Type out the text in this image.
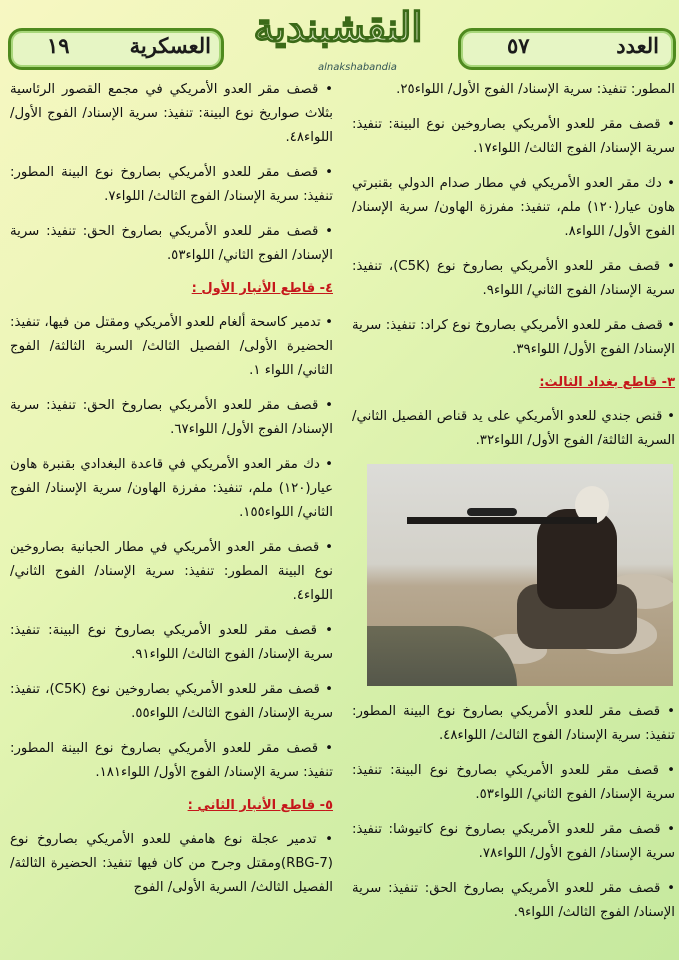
العسكرية
١٩	النقشبندية
alnakshabandia
العدد
٥٧

المطور: تنفيذ: سرية الإسناد/ الفوج الأول/ اللواء٢٥.

• قصف مقر للعدو الأمريكي بصاروخين نوع البينة: تنفيذ: سرية الإسناد/ الفوج الثالث/ اللواء١٧.

• دك مقر العدو الأمريكي في مطار صدام الدولي بقنبرتي هاون عيار(١٢٠) ملم، تنفيذ: مفرزة الهاون/ سرية الإسناد/ الفوج الأول/ اللواء٨.

• قصف مقر للعدو الأمريكي بصاروخ نوع (C5K)، تنفيذ: سرية الإسناد/ الفوج الثاني/ اللواء٩.

• قصف مقر للعدو الأمريكي بصاروخ نوع كراد: تنفيذ: سرية الإسناد/ الفوج الأول/ اللواء٣٩.

٣- قاطع بغداد الثالث:

• قنص جندي للعدو الأمريكي على يد قناص الفصيل الثاني/ السرية الثالثة/ الفوج الأول/ اللواء٣٢.

• قصف مقر للعدو الأمريكي بصاروخ نوع البينة المطور: تنفيذ: سرية الإسناد/ الفوج الثالث/ اللواء٤٨.

• قصف مقر للعدو الأمريكي بصاروخ نوع البينة: تنفيذ: سرية الإسناد/ الفوج الثاني/ اللواء٥٣.

• قصف مقر للعدو الأمريكي بصاروخ نوع كاتيوشا: تنفيذ: سرية الإسناد/ الفوج الأول/ اللواء٧٨.

• قصف مقر للعدو الأمريكي بصاروخ الحق: تنفيذ: سرية الإسناد/ الفوج الثالث/ اللواء٩.

• قصف مقر العدو الأمريكي في مجمع القصور الرئاسية بثلاث صواريخ نوع البينة: تنفيذ: سرية الإسناد/ الفوج الأول/ اللواء٤٨.

• قصف مقر للعدو الأمريكي بصاروخ نوع البينة المطور: تنفيذ: سرية الإسناد/ الفوج الثالث/ اللواء٧.

• قصف مقر للعدو الأمريكي بصاروخ الحق: تنفيذ: سرية الإسناد/ الفوج الثاني/ اللواء٥٣.

٤- قاطع الأنبار الأول :

• تدمير كاسحة ألغام للعدو الأمريكي ومقتل من فيها، تنفيذ: الحضيرة الأولى/ الفصيل الثالث/ السرية الثالثة/ الفوج الثاني/ اللواء ١.

• قصف مقر للعدو الأمريكي بصاروخ الحق: تنفيذ: سرية الإسناد/ الفوج الأول/ اللواء٦٧.

• دك مقر العدو الأمريكي في قاعدة البغدادي بقنبرة هاون عيار(١٢٠) ملم، تنفيذ: مفرزة الهاون/ سرية الإسناد/ الفوج الثاني/ اللواء١٥٥.

• قصف مقر العدو الأمريكي في مطار الحبانية بصاروخين نوع البينة المطور: تنفيذ: سرية الإسناد/ الفوج الثاني/ اللواء٤.

• قصف مقر للعدو الأمريكي بصاروخ نوع البينة: تنفيذ: سرية الإسناد/ الفوج الثالث/ اللواء٩١.

• قصف مقر للعدو الأمريكي بصاروخين نوع (C5K)، تنفيذ: سرية الإسناد/ الفوج الثالث/ اللواء٥٥.

• قصف مقر للعدو الأمريكي بصاروخ نوع البينة المطور: تنفيذ: سرية الإسناد/ الفوج الأول/ اللواء١٨١.

٥- قاطع الأنبار الثاني :

• تدمير عجلة نوع هامفي للعدو الأمريكي بصاروخ نوع (RBG-7)ومقتل وجرح من كان فيها تنفيذ: الحضيرة الثالثة/ الفصيل الثالث/ السرية الأولى/ الفوج
